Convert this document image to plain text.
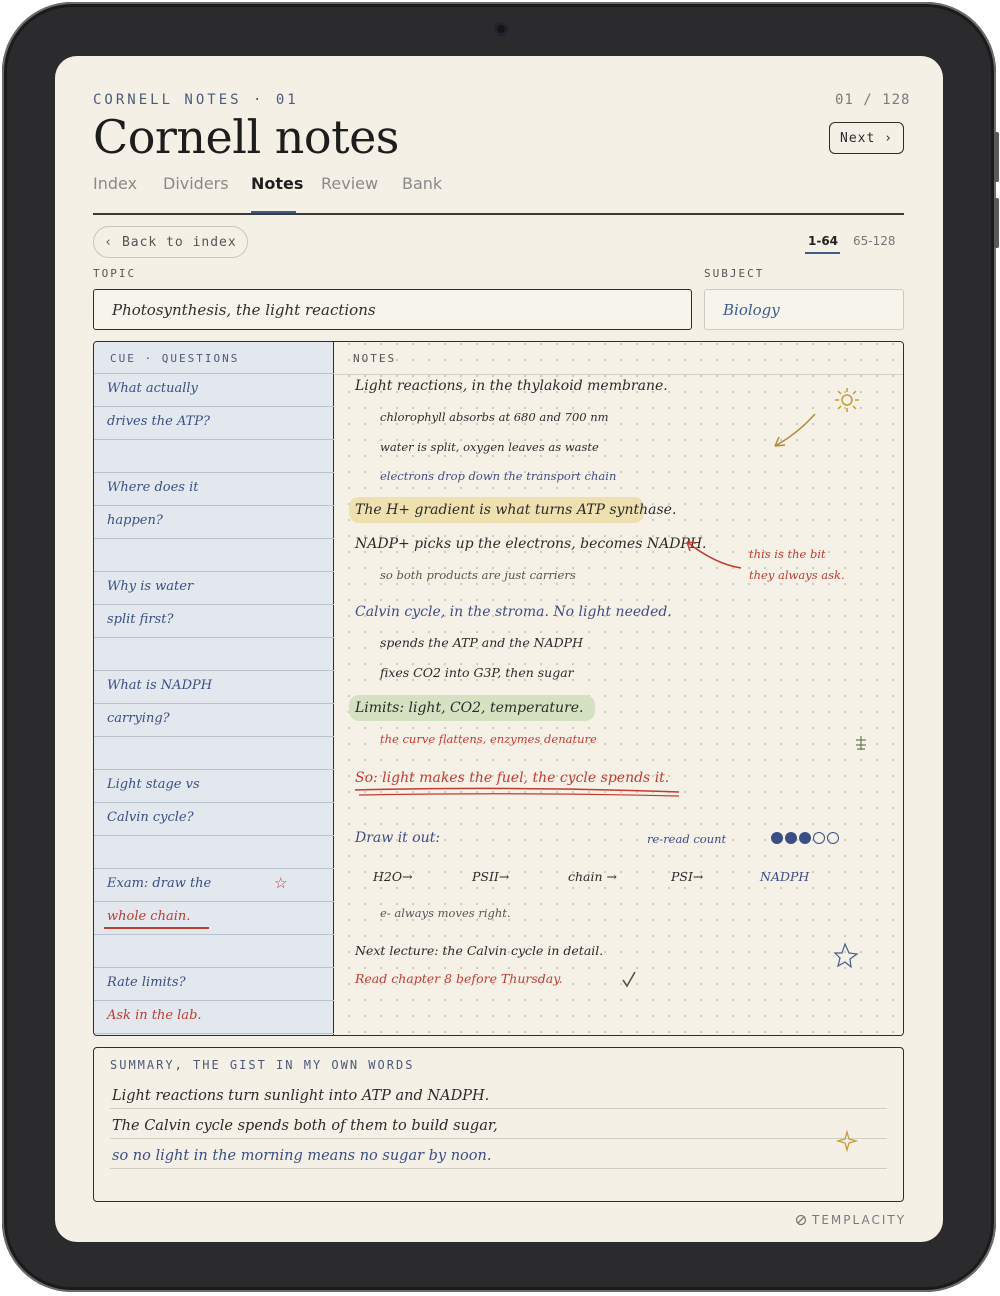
CORNELL NOTES · 01	01 / 128
Cornell notes	Next ›
Index Dividers Notes Review Bank
‹ Back to index	1-64 65-128
TOPIC	SUBJECT
Photosynthesis, the light reactions	Biology
CUE · QUESTIONS
What actually
drives the ATP?
Where does it
happen?
Why is water
split first?
What is NADPH
carrying?
Light stage vs
Calvin cycle?
Exam: draw the
whole chain.
Rate limits?
Ask in the lab.
☆
NOTES
Light reactions, in the thylakoid membrane.
chlorophyll absorbs at 680 and 700 nm
water is split, oxygen leaves as waste
electrons drop down the transport chain
The H+ gradient is what turns ATP synthase.
NADP+ picks up the electrons, becomes NADPH.
so both products are just carriers
this is the bit
they always ask.
Calvin cycle, in the stroma. No light needed.
spends the ATP and the NADPH
fixes CO2 into G3P, then sugar
Limits: light, CO2, temperature.
the curve flattens, enzymes denature
So: light makes the fuel, the cycle spends it.
Draw it out:	re-read count
H2O→	PSII→	chain →	PSI→	NADPH
e- always moves right.
Next lecture: the Calvin cycle in detail.
Read chapter 8 before Thursday.
SUMMARY, THE GIST IN MY OWN WORDS
Light reactions turn sunlight into ATP and NADPH.
The Calvin cycle spends both of them to build sugar,
so no light in the morning means no sugar by noon.
TEMPLACITY
